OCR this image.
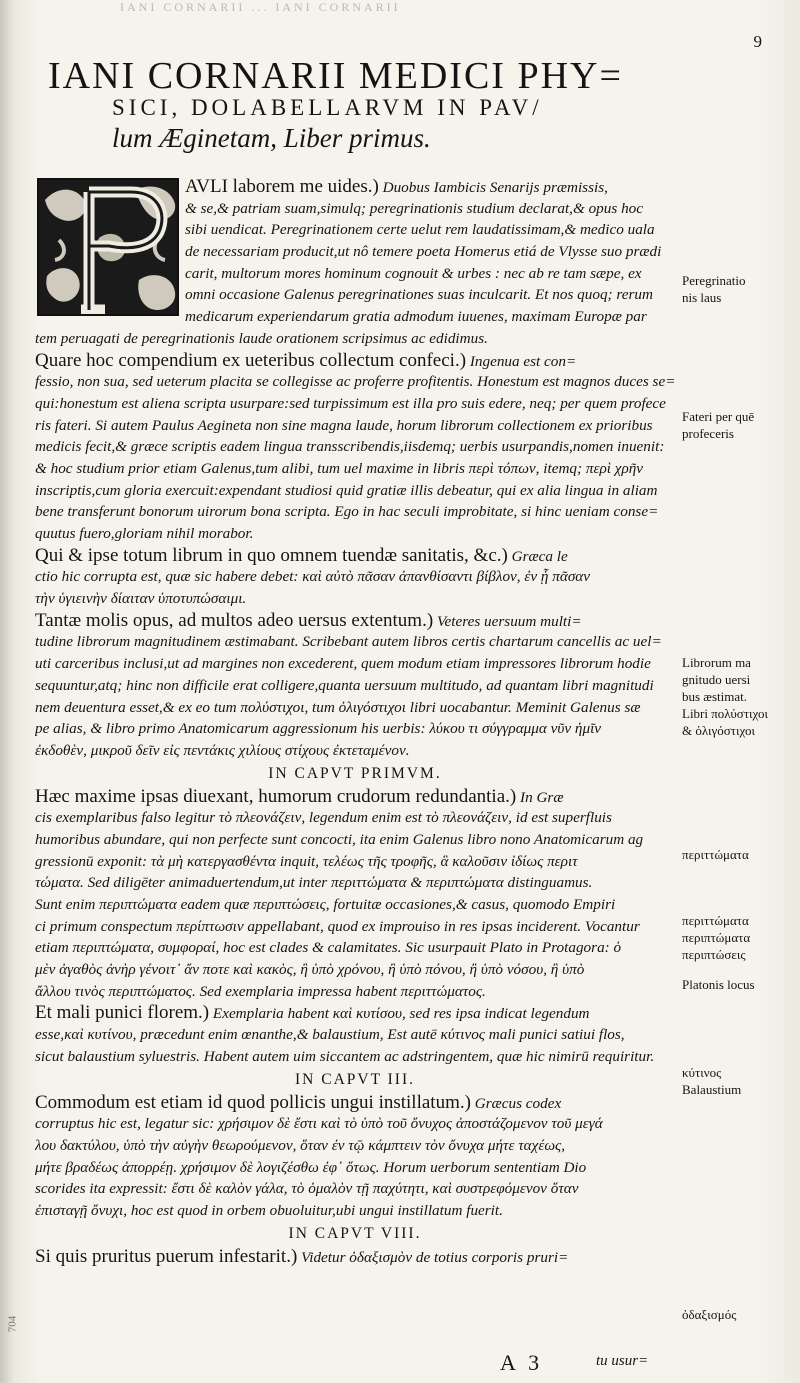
IANI CORNARII ... IANI CORNARII
9
IANI CORNARII MEDICI PHY=
SICI, DOLABELLARVM IN PAV/
lum Æginetam, Liber primus.
AVLI laborem me uides.) Duobus Iambicis Senarijs præmissis,
& se,& patriam suam,simulq; peregrinationis studium declarat,& opus hoc
sibi uendicat. Peregrinationem certe uelut rem laudatissimam,& medico uala
de necessariam producit,ut nô temere poeta Homerus etiá de Vlysse suo prædi
carit, multorum mores hominum cognouit & urbes : nec ab re tam sæpe, ex
omni occasione Galenus peregrinationes suas inculcarit. Et nos quoq; rerum
medicarum experiendarum gratia admodum iuuenes, maximam Europæ par
tem peruagati de peregrinationis laude orationem scripsimus ac edidimus.
Quare hoc compendium ex ueteribus collectum confeci.) Ingenua est con=
fessio, non sua, sed ueterum placita se collegisse ac proferre profitentis. Honestum est magnos duces se=
qui:honestum est aliena scripta usurpare:sed turpissimum est illa pro suis edere, neq; per quem profece
ris fateri. Si autem Paulus Aegineta non sine magna laude, horum librorum collectionem ex prioribus
medicis fecit,& græce scriptis eadem lingua transscribendis,iisdemq; uerbis usurpandis,nomen inuenit:
& hoc studium prior etiam Galenus,tum alibi, tum uel maxime in libris περὶ τόπων, itemq; περὶ χρῆν
inscriptis,cum gloria exercuit:expendant studiosi quid gratiæ illis debeatur, qui ex alia lingua in aliam
bene transferunt bonorum uirorum bona scripta. Ego in hac seculi improbitate, si hinc ueniam conse=
quutus fuero,gloriam nihil morabor.
Qui & ipse totum librum in quo omnem tuendæ sanitatis, &c.) Græca le
ctio hic corrupta est, quæ sic habere debet: καὶ αὐτὸ πᾶσαν ἀπανθίσαντι βίβλον, ἐν ᾗ πᾶσαν
τὴν ὑγιεινὴν δίαιταν ὑποτυπώσαιμι.
Tantæ molis opus, ad multos adeo uersus extentum.) Veteres uersuum multi=
tudine librorum magnitudinem æstimabant. Scribebant autem libros certis chartarum cancellis ac uel=
uti carceribus inclusi,ut ad margines non excederent, quem modum etiam impressores librorum hodie
sequuntur,atq; hinc non difficile erat colligere,quanta uersuum multitudo, ad quantam libri magnitudi
nem deuentura esset,& ex eo tum πολύστιχοι, tum ὀλιγόστιχοι libri uocabantur. Meminit Galenus sæ
pe alias, & libro primo Anatomicarum aggressionum his uerbis: λύκου τι σύγγραμμα νῦν ἡμῖν
ἐκδοθὲν, μικροῦ δεῖν εἰς πεντάκις χιλίους στίχους ἐκτεταμένον.
IN CAPVT PRIMVM.
Hæc maxime ipsas diuexant, humorum crudorum redundantia.) In Græ
cis exemplaribus falso legitur τὸ πλεονάζειν, legendum enim est τὸ πλεονάζειν, id est superfluis
humoribus abundare, qui non perfecte sunt concocti, ita enim Galenus libro nono Anatomicarum ag
gressionū exponit: τὰ μὴ κατεργασθέντα inquit, τελέως τῆς τροφῆς, ἃ καλοῦσιν ἰδίως περιτ
τώματα. Sed diligēter animaduertendum,ut inter περιττώματα & περιπτώματα distinguamus.
Sunt enim περιπτώματα eadem quæ περιπτώσεις, fortuitæ occasiones,& casus, quomodo Empiri
ci primum conspectum περίπτωσιν appellabant, quod ex improuiso in res ipsas inciderent. Vocantur
etiam περιπτώματα, συμφοραί, hoc est clades & calamitates. Sic usurpauit Plato in Protagora: ὁ
μὲν ἀγαθὸς ἀνὴρ γένοιτ᾽ ἄν ποτε καὶ κακὸς, ἢ ὑπὸ χρόνου, ἢ ὑπὸ πόνου, ἢ ὑπὸ νόσου, ἢ ὑπὸ
ἄλλου τινὸς περιπτώματος. Sed exemplaria impressa habent περιττώματος.
Et mali punici florem.) Exemplaria habent καὶ κυτίσου, sed res ipsa indicat legendum
esse,καὶ κυτίνου, præcedunt enim œnanthe,& balaustium, Est autē κύτινος mali punici satiui flos,
sicut balaustium syluestris. Habent autem uim siccantem ac adstringentem, quæ hic nimirū requiritur.
IN CAPVT III.
Commodum est etiam id quod pollicis ungui instillatum.) Græcus codex
corruptus hic est, legatur sic: χρήσιμον δὲ ἔστι καὶ τὸ ὑπὸ τοῦ ὄνυχος ἀποστάζομενον τοῦ μεγά
λου δακτύλου, ὑπὸ τὴν αὐγὴν θεωρούμενον, ὅταν ἐν τῷ κάμπτειν τὸν ὄνυχα μήτε ταχέως,
μήτε βραδέως ἀπορρέῃ. χρήσιμον δὲ λογιζέσθω ἐφ᾽ ὅτως. Horum uerborum sententiam Dio
scorides ita expressit: ἔστι δὲ καλὸν γάλα, τὸ ὁμαλὸν τῇ παχύτητι, καὶ συστρεφόμενον ὅταν
ἐπισταγῇ ὄνυχι, hoc est quod in orbem obuoluitur,ubi ungui instillatum fuerit.
IN CAPVT VIII.
Si quis pruritus puerum infestarit.) Videtur ὀδαξισμὸν de totius corporis pruri=
Peregrinatio
nis laus
Fateri per quē
profeceris
Librorum ma
gnitudo uersi
bus æstimat.
Libri πολύστιχοι
& ὀλιγόστιχοι
περιττώματα
περιττώματα
περιπτώματα
περιπτώσεις
Platonis locus
κύτινος
Balaustium
ὀδαξισμός
704
A 3	tu usur=
